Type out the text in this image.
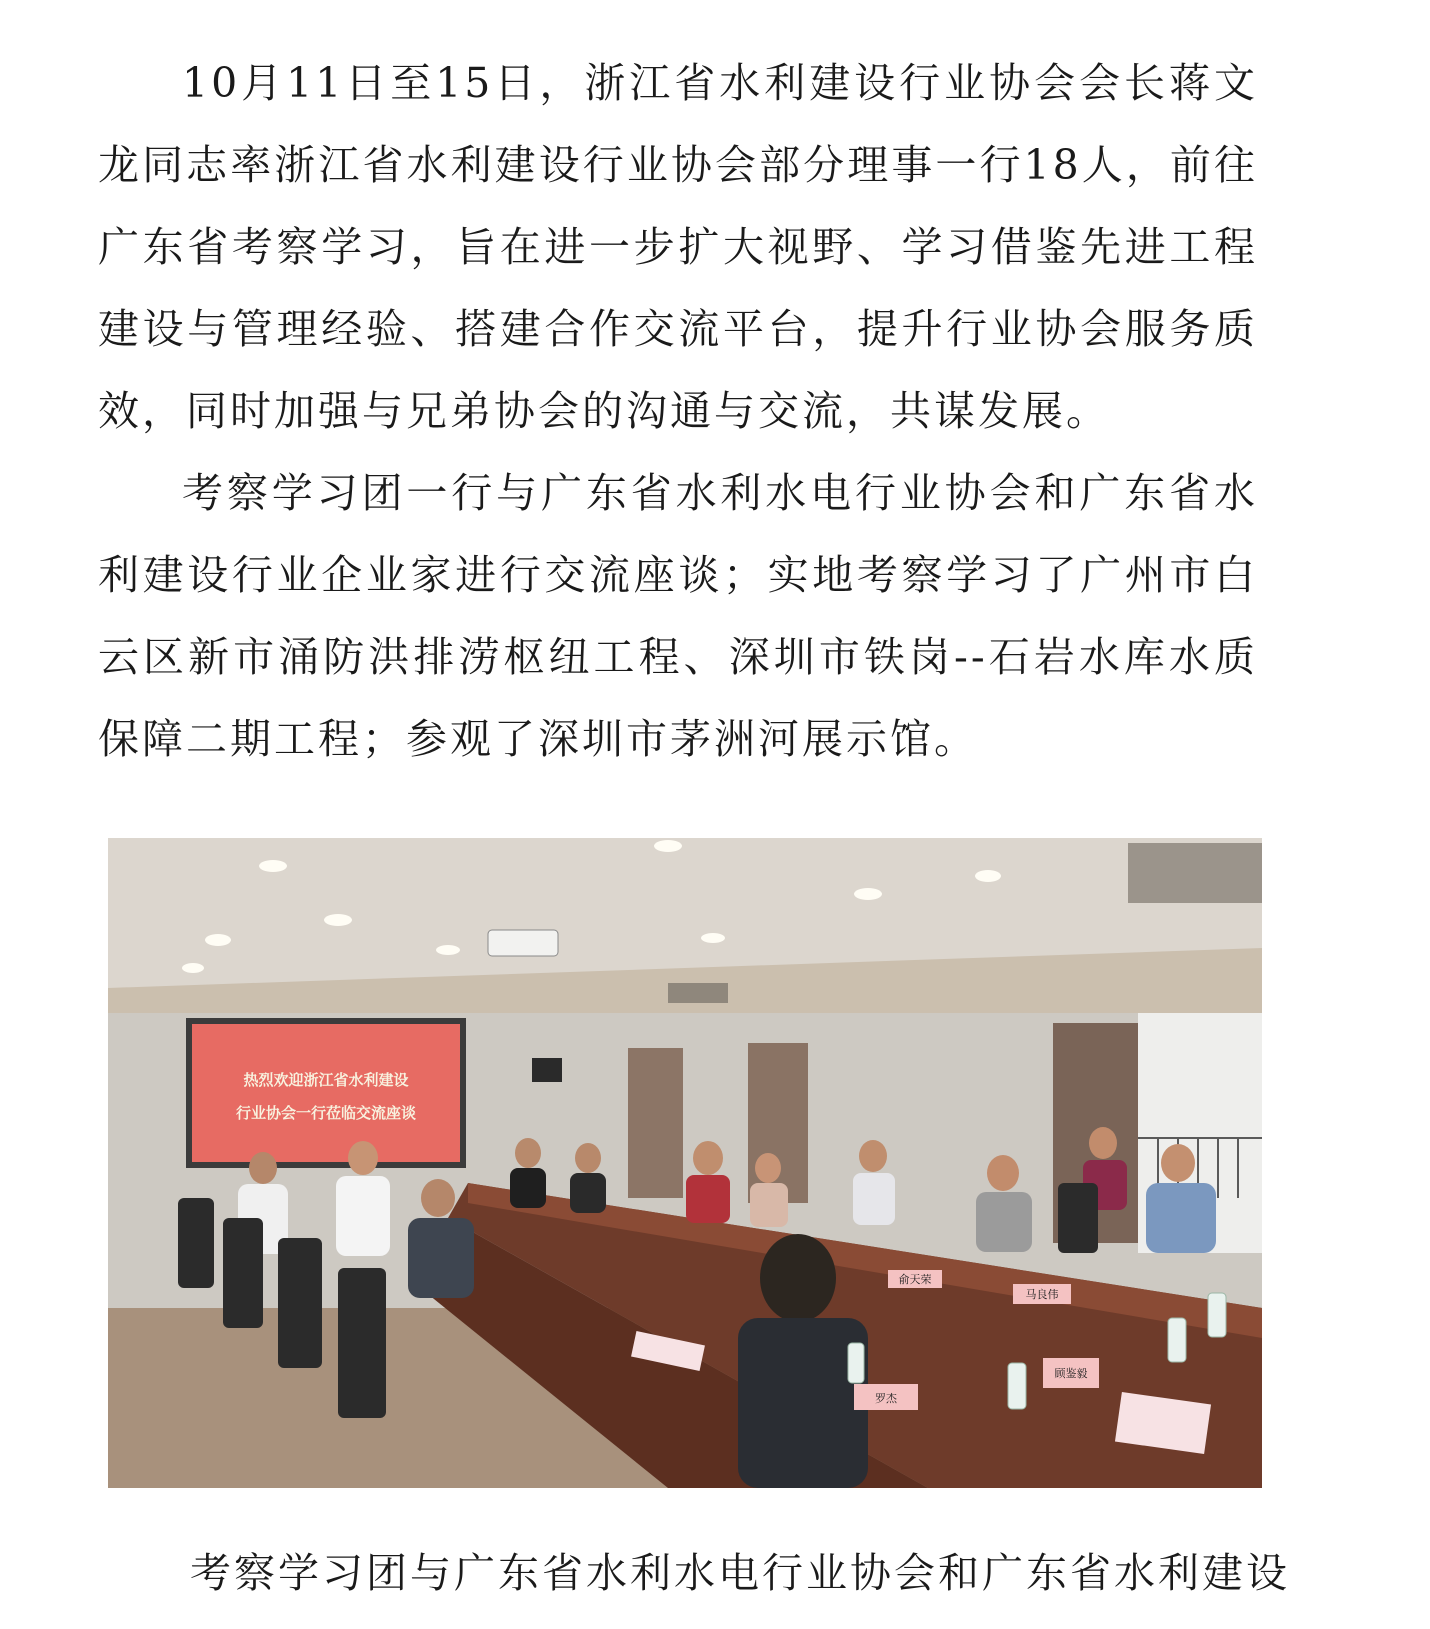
10月11日至15日，浙江省水利建设行业协会会长蒋文龙同志率浙江省水利建设行业协会部分理事一行18人，前往广东省考察学习，旨在进一步扩大视野、学习借鉴先进工程建设与管理经验、搭建合作交流平台，提升行业协会服务质效，同时加强与兄弟协会的沟通与交流，共谋发展。

考察学习团一行与广东省水利水电行业协会和广东省水利建设行业企业家进行交流座谈；实地考察学习了广州市白云区新市涌防洪排涝枢纽工程、深圳市铁岗--石岩水库水质保障二期工程；参观了深圳市茅洲河展示馆。

热烈欢迎浙江省水利建设
行业协会一行莅临交流座谈
俞天荣
马良伟
罗杰
顾鉴毅

考察学习团与广东省水利水电行业协会和广东省水利建设
